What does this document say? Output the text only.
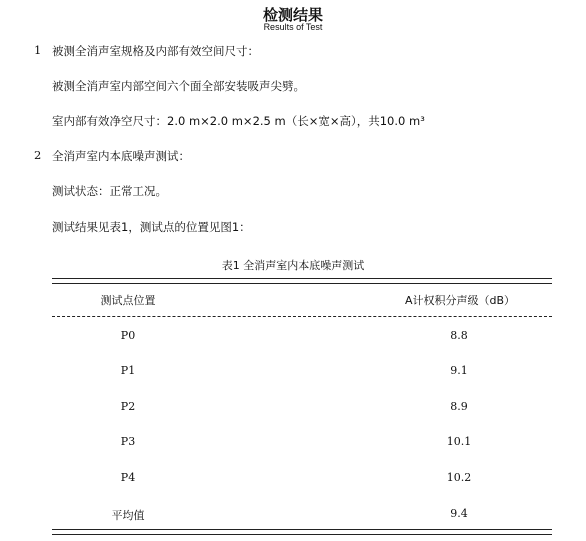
检测结果
Results of Test
1 被测全消声室规格及内部有效空间尺寸：
被测全消声室内部空间六个面全部安装吸声尖劈。
室内部有效净空尺寸：2.0 m×2.0 m×2.5 m（长×宽×高），共10.0 m³
2 全消声室内本底噪声测试：
测试状态：正常工况。
测试结果见表1，测试点的位置见图1：
表1 全消声室内本底噪声测试
测试点位置	A计权积分声级（dB）
P0	8.8
P1	9.1
P2	8.9
P3	10.1
P4	10.2
平均值	9.4
